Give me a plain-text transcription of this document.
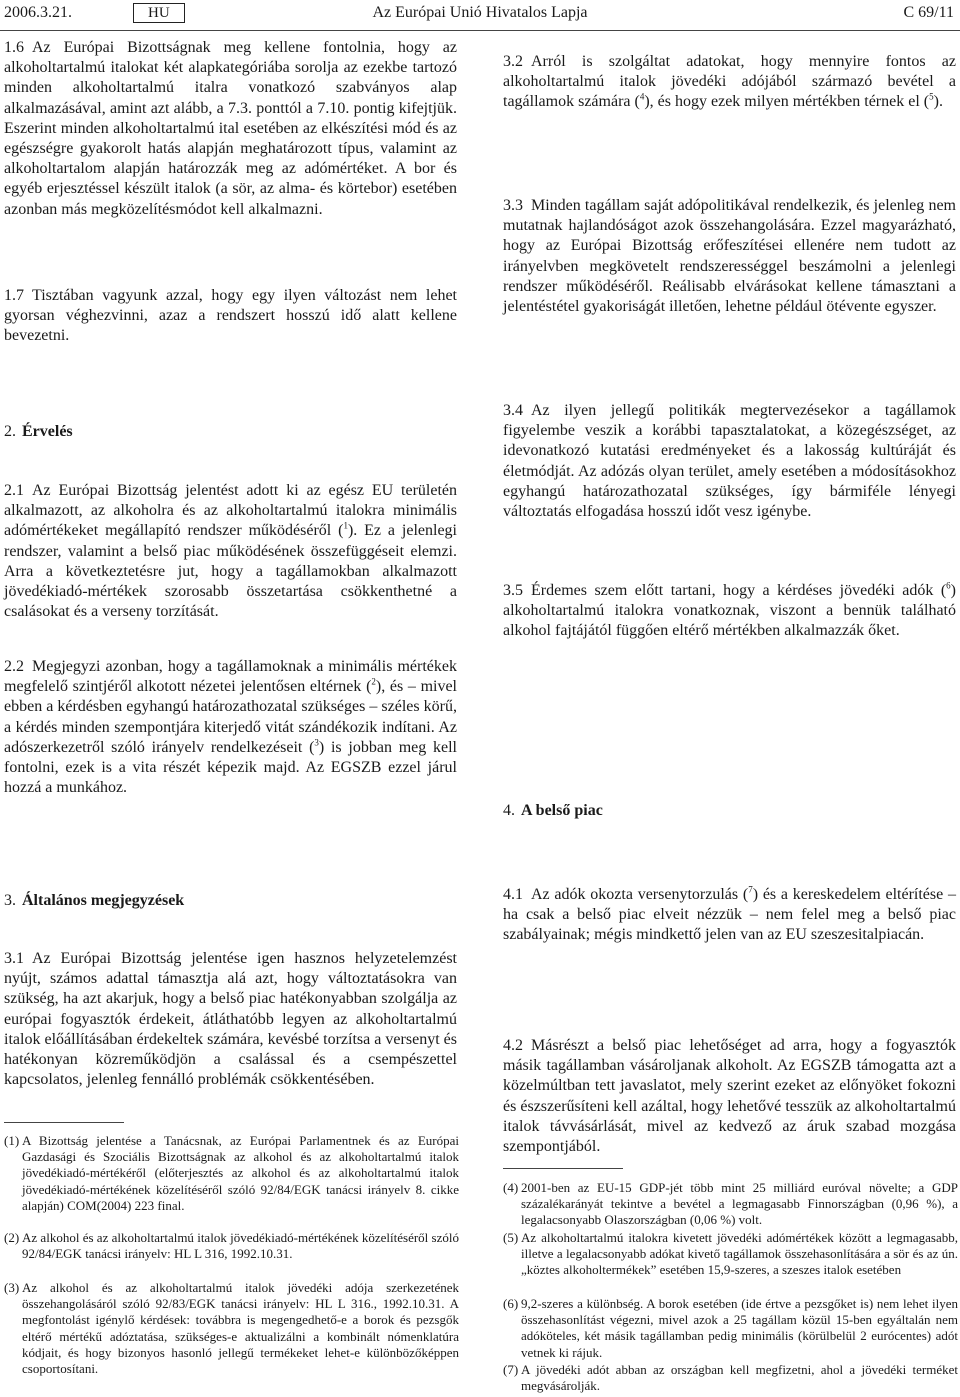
2006.3.21.	HU	Az Európai Unió Hivatalos Lapja	C 69/11

1.6 Az Európai Bizottságnak meg kellene fontolnia, hogy az alkoholtartalmú italokat két alapkategóriába sorolja az ezekbe tartozó minden alkoholtartalmú italra vonatkozó szabványos alap alkalmazásával, amint azt alább, a 7.3. ponttól a 7.10. pontig kifejtjük. Eszerint minden alkoholtartalmú ital esetében az elkészítési mód és az egészségre gyakorolt hatás alapján meghatározott típus, valamint az alkoholtartalom alapján határozzák meg az adómértéket. A bor és egyéb erjesztéssel készült italok (a sör, az alma- és körtebor) esetében azonban más megközelítésmódot kell alkalmazni.

1.7 Tisztában vagyunk azzal, hogy egy ilyen változást nem lehet gyorsan véghezvinni, azaz a rendszert hosszú idő alatt kellene bevezetni.

2. Érvelés

2.1 Az Európai Bizottság jelentést adott ki az egész EU területén alkalmazott, az alkoholra és az alkoholtartalmú italokra minimális adómértékeket megállapító rendszer működéséről ($^1$). Ez a jelenlegi rendszer, valamint a belső piac működésének összefüggéseit elemzi. Arra a következtetésre jut, hogy a tagállamokban alkalmazott jövedékiadó-mértékek szorosabb összetartása csökkenthetné a csalásokat és a verseny torzítását.

2.2 Megjegyzi azonban, hogy a tagállamoknak a minimális mértékek megfelelő szintjéről alkotott nézetei jelentősen eltérnek ($^2$), és – mivel ebben a kérdésben egyhangú határozathozatal szükséges – széles körű, a kérdés minden szempontjára kiterjedő vitát szándékozik indítani. Az adószerkezetről szóló irányelv rendelkezéseit ($^3$) is jobban meg kell fontolni, ezek is a vita részét képezik majd. Az EGSZB ezzel járul hozzá a munkához.

3. Általános megjegyzések

3.1 Az Európai Bizottság jelentése igen hasznos helyzetelemzést nyújt, számos adattal támasztja alá azt, hogy változtatásokra van szükség, ha azt akarjuk, hogy a belső piac hatékonyabban szolgálja az európai fogyasztók érdekeit, átláthatóbb legyen az alkoholtartalmú italok előállításában érdekeltek számára, kevésbé torzítsa a versenyt és hatékonyan közreműködjön a csalással és a csempészettel kapcsolatos, jelenleg fennálló problémák csökkentésében.

(1) A Bizottság jelentése a Tanácsnak, az Európai Parlamentnek és az Európai Gazdasági és Szociális Bizottságnak az alkohol és az alkoholtartalmú italok jövedékiadó-mértékéről (előterjesztés az alkohol és az alkoholtartalmú italok jövedékiadó-mértékének közelítéséről szóló 92/84/EGK tanácsi irányelv 8. cikke alapján) COM(2004) 223 final.
(2) Az alkohol és az alkoholtartalmú italok jövedékiadó-mértékének közelítéséről szóló 92/84/EGK tanácsi irányelv: HL L 316, 1992.10.31.
(3) Az alkohol és az alkoholtartalmú italok jövedéki adója szerkezetének összehangolásáról szóló 92/83/EGK tanácsi irányelv: HL L 316., 1992.10.31. A megfontolást igénylő kérdések: továbbra is megengedhető-e a borok és pezsgők eltérő mértékű adóztatása, szükséges-e aktualizálni a kombinált nómenklatúra kódjait, és hogy bizonyos hasonló jellegű termékeket lehet-e különbözőképpen csoportosítani.

3.2 Arról is szolgáltat adatokat, hogy mennyire fontos az alkoholtartalmú italok jövedéki adójából származó bevétel a tagállamok számára ($^4$), és hogy ezek milyen mértékben térnek el ($^5$).

3.3 Minden tagállam saját adópolitikával rendelkezik, és jelenleg nem mutatnak hajlandóságot azok összehangolására. Ezzel magyarázható, hogy az Európai Bizottság erőfeszítései ellenére nem tudott az irányelvben megkövetelt rendszerességgel beszámolni a jelenlegi rendszer működéséről. Reálisabb elvárásokat kellene támasztani a jelentéstétel gyakoriságát illetően, lehetne például ötévente egyszer.

3.4 Az ilyen jellegű politikák megtervezésekor a tagállamok figyelembe veszik a korábbi tapasztalatokat, a közegészséget, az idevonatkozó kutatási eredményeket és a lakosság kultúráját és életmódját. Az adózás olyan terület, amely esetében a módosításokhoz egyhangú határozathozatal szükséges, így bármiféle lényegi változtatás elfogadása hosszú időt vesz igénybe.

3.5 Érdemes szem előtt tartani, hogy a kérdéses jövedéki adók ($^6$) alkoholtartalmú italokra vonatkoznak, viszont a bennük található alkohol fajtájától függően eltérő mértékben alkalmazzák őket.

4. A belső piac

4.1 Az adók okozta versenytorzulás ($^7$) és a kereskedelem eltérítése – ha csak a belső piac elveit nézzük – nem felel meg a belső piac szabályainak; mégis mindkettő jelen van az EU szeszesitalpiacán.

4.2 Másrészt a belső piac lehetőséget ad arra, hogy a fogyasztók másik tagállamban vásároljanak alkoholt. Az EGSZB támogatta azt a közelmúltban tett javaslatot, mely szerint ezeket az előnyöket fokozni és észszerűsíteni kell azáltal, hogy lehetővé tesszük az alkoholtartalmú italok távvásárlását, mivel az kedvező az áruk szabad mozgása szempontjából.

(4) 2001-ben az EU-15 GDP-jét több mint 25 milliárd euróval növelte; a GDP százalékarányát tekintve a bevétel a legmagasabb Finnországban (0,96 %), a legalacsonyabb Olaszországban (0,06 %) volt.
(5) Az alkoholtartalmú italokra kivetett jövedéki adómértékek között a legmagasabb, illetve a legalacsonyabb adókat kivető tagállamok összehasonlítására a sör és az ún. „köztes alkoholtermékek” esetében 15,9-szeres, a szeszes italok esetében
(6) 9,2-szeres a különbség. A borok esetében (ide értve a pezsgőket is) nem lehet ilyen összehasonlítást végezni, mivel azok a 25 tagállam közül 15-ben egyáltalán nem adóköteles, két másik tagállamban pedig minimális (körülbelül 2 eurócentes) adót vetnek ki rájuk.
(7) A jövedéki adót abban az országban kell megfizetni, ahol a jövedéki terméket megvásárolják.
